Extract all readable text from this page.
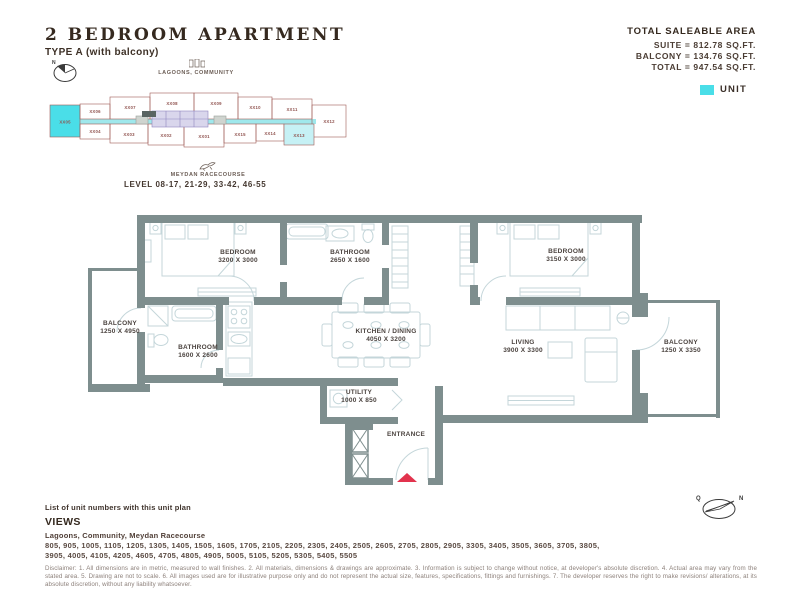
2 BEDROOM APARTMENT
TYPE A (with balcony)
TOTAL SALEABLE AREA
SUITE = 812.78 SQ.FT.
BALCONY = 134.76 SQ.FT.
TOTAL = 947.54 SQ.FT.
UNIT
N
LAGOONS, COMMUNITY
XX05
XX06
XX07
XX08	XX09
XX10	XX11
XX12
XX04
XX03	XX02	XX01	XX15	XX14	XX13
MEYDAN RACECOURSE
LEVEL 08-17, 21-29, 33-42, 46-55
BEDROOM
3200 X 3000
BATHROOM
2650 X 1600
BEDROOM
3150 X 3000
BALCONY
1250 X 4950
BATHROOM
1600 X 2600
KITCHEN / DINING
4050 X 3200	LIVING
3900 X 3300
BALCONY
1250 X 3350
UTILITY
1000 X 850
ENTRANCE
List of unit numbers with this unit plan
VIEWS
Lagoons, Community, Meydan Racecourse
805, 905, 1005, 1105, 1205, 1305, 1405, 1505, 1605, 1705, 2105, 2205, 2305, 2405, 2505, 2605, 2705, 2805, 2905, 3305, 3405, 3505, 3605, 3705, 3805, 3905, 4005, 4105, 4205, 4605, 4705, 4805, 4905, 5005, 5105, 5205, 5305, 5405, 5505
Disclaimer: 1. All dimensions are in metric, measured to wall finishes. 2. All materials, dimensions & drawings are approximate. 3. Information is subject to change without notice, at developer's absolute discretion. 4. Actual area may vary from the stated area. 5. Drawing are not to scale. 6. All images used are for illustrative purpose only and do not represent the actual size, features, specifications, fittings and furnishings. 7. The developer reserves the right to make revisions/ alterations, at its absolute discretion, without any liability whatsoever.
Q	N
